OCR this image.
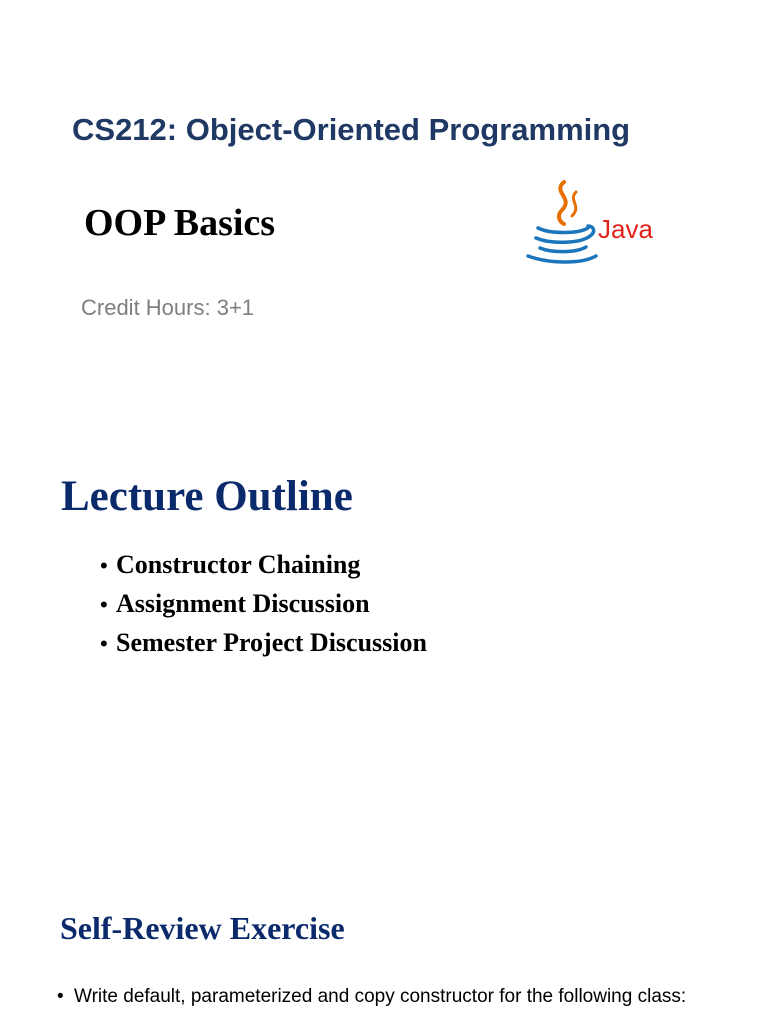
CS212: Object-Oriented Programming
OOP Basics
Credit Hours: 3+1
Java
Lecture Outline
• Constructor Chaining
• Assignment Discussion
• Semester Project Discussion
Self-Review Exercise
• Write default, parameterized and copy constructor for the following class:
